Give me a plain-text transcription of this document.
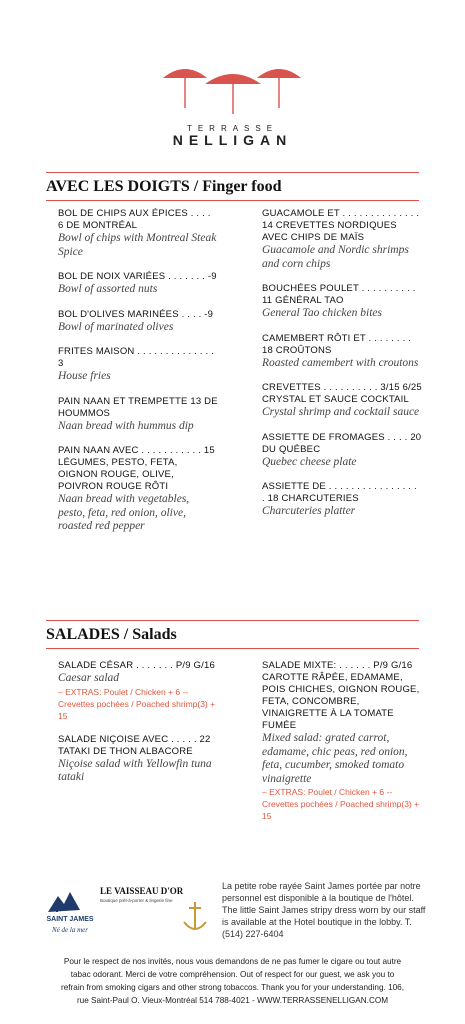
TERRASSE
NELLIGAN
AVEC LES DOIGTS / Finger food
BOL DE CHIPS AUX ÉPICES . . . . 6 DE MONTRÉAL
Bowl of chips with Montreal Steak Spice
BOL DE NOIX VARIÉES . . . . . . . -9
Bowl of assorted nuts
BOL D'OLIVES MARINÉES . . . . -9
Bowl of marinated olives
FRITES MAISON . . . . . . . . . . . . . . 3
House fries
PAIN NAAN ET TREMPETTE 13 DE HOUMMOS
Naan bread with hummus dip
PAIN NAAN AVEC . . . . . . . . . . . 15 LÉGUMES, PESTO, FETA, OIGNON ROUGE, OLIVE, POIVRON ROUGE RÔTI
Naan bread with vegetables, pesto, feta, red onion, olive, roasted red pepper
GUACAMOLE ET . . . . . . . . . . . . . . 14 CREVETTES NORDIQUES AVEC CHIPS DE MAÏS
Guacamole and Nordic shrimps and corn chips
BOUCHÉES POULET . . . . . . . . . . 11 GÉNÉRAL TAO
General Tao chicken bites
CAMEMBERT RÔTI ET . . . . . . . . 18 CROÛTONS
Roasted camembert with croutons
CREVETTES . . . . . . . . . . 3/15 6/25 CRYSTAL ET SAUCE COCKTAIL
Crystal shrimp and cocktail sauce
ASSIETTE DE FROMAGES . . . . 20 DU QUÉBEC
Quebec cheese plate
ASSIETTE DE . . . . . . . . . . . . . . . . . 18 CHARCUTERIES
Charcuteries platter
SALADES / Salads
SALADE CÉSAR . . . . . . . P/9 G/16
Caesar salad
– EXTRAS: Poulet / Chicken + 6 -- Crevettes pochées / Poached shrimp(3) + 15
SALADE NIÇOISE AVEC . . . . . 22 TATAKI DE THON ALBACORE
Niçoise salad with Yellowfin tuna tataki
SALADE MIXTE: . . . . . . P/9 G/16 CAROTTE RÂPÉE, EDAMAME, POIS CHICHES, OIGNON ROUGE, FETA, CONCOMBRE, VINAIGRETTE À LA TOMATE FUMÉE
Mixed salad: grated carrot, edamame, chic peas, red onion, feta, cucumber, smoked tomato vinaigrette
– EXTRAS: Poulet / Chicken + 6 -- Crevettes pochées / Poached shrimp(3) + 15
SAINT JAMES
Né de la mer
LE VAISSEAU D'OR
Boutique prêt-à-porter & lingerie fine
La petite robe rayée Saint James portée par notre personnel est disponible à la boutique de l'hôtel. The little Saint James stripy dress worn by our staff is available at the Hotel boutique in the lobby. T. (514) 227-6404
Pour le respect de nos invités, nous vous demandons de ne pas fumer le cigare ou tout autre tabac odorant. Merci de votre compréhension. Out of respect for our guest, we ask you to refrain from smoking cigars and other strong tobaccos. Thank you for your understanding. 106, rue Saint-Paul O. Vieux-Montréal 514 788-4021 - WWW.TERRASSENELLIGAN.COM
